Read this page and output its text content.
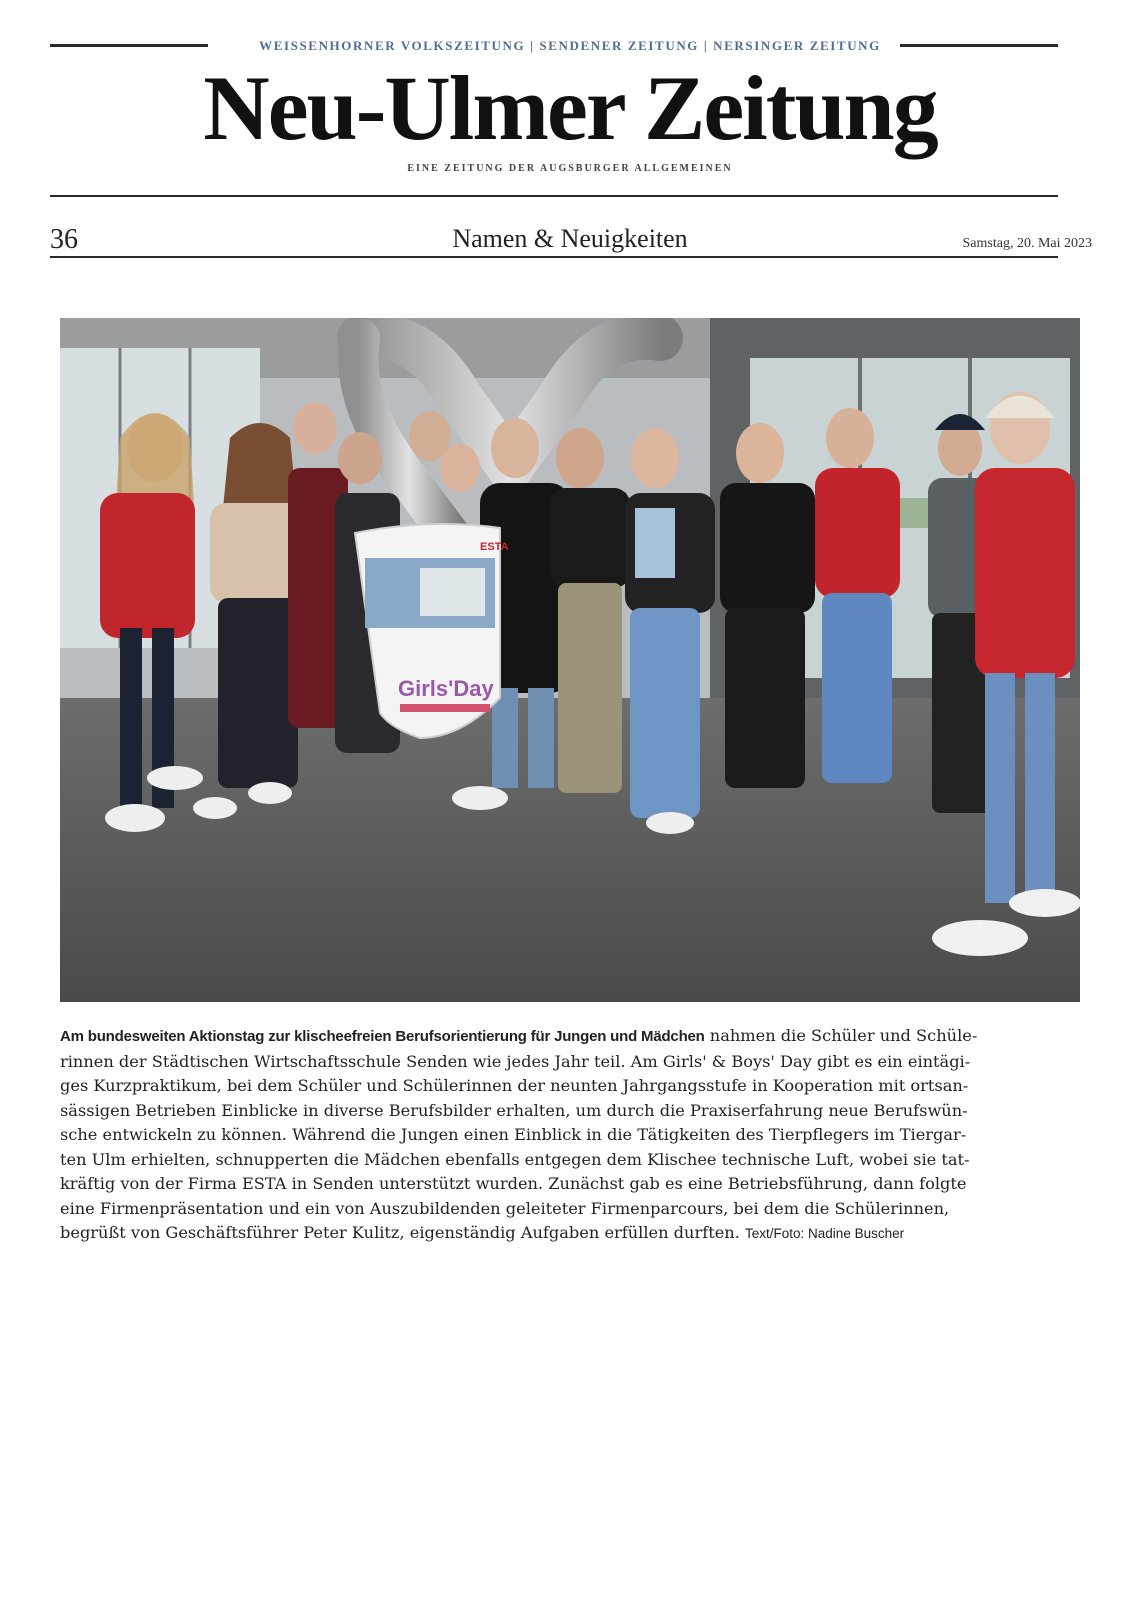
WEISSENHORNER VOLKSZEITUNG | SENDENER ZEITUNG | NERSINGER ZEITUNG
Neu-Ulmer Zeitung
EINE ZEITUNG DER AUGSBURGER ALLGEMEINEN
36	Namen & Neuigkeiten	Samstag, 20. Mai 2023
ESTA
Girls'Day
Am bundesweiten Aktionstag zur klischeefreien Berufsorientierung für Jungen und Mädchen nahmen die Schüler und Schüle-
rinnen der Städtischen Wirtschaftsschule Senden wie jedes Jahr teil. Am Girls' & Boys' Day gibt es ein eintägi-
ges Kurzpraktikum, bei dem Schüler und Schülerinnen der neunten Jahrgangsstufe in Kooperation mit ortsan-
sässigen Betrieben Einblicke in diverse Berufsbilder erhalten, um durch die Praxiserfahrung neue Berufswün-
sche entwickeln zu können. Während die Jungen einen Einblick in die Tätigkeiten des Tierpflegers im Tiergar-
ten Ulm erhielten, schnupperten die Mädchen ebenfalls entgegen dem Klischee technische Luft, wobei sie tat-
kräftig von der Firma ESTA in Senden unterstützt wurden. Zunächst gab es eine Betriebsführung, dann folgte
eine Firmenpräsentation und ein von Auszubildenden geleiteter Firmenparcours, bei dem die Schülerinnen,
begrüßt von Geschäftsführer Peter Kulitz, eigenständig Aufgaben erfüllen durften. Text/Foto: Nadine Buscher
